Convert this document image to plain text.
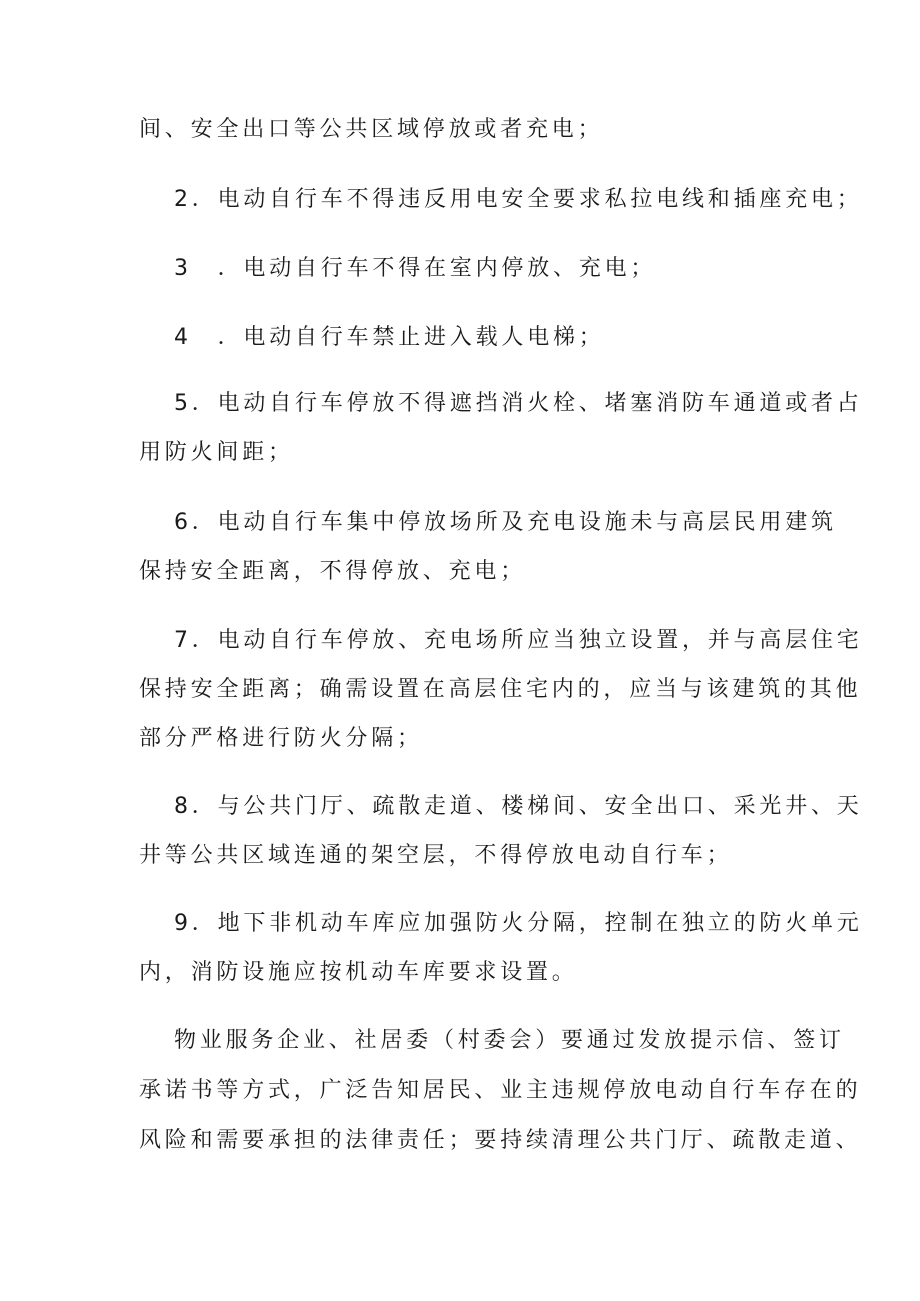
间、安全出口等公共区域停放或者充电；
2．电动自行车不得违反用电安全要求私拉电线和插座充电；
3　．电动自行车不得在室内停放、充电；
4　．电动自行车禁止进入载人电梯；
5．电动自行车停放不得遮挡消火栓、堵塞消防车通道或者占
用防火间距；
6．电动自行车集中停放场所及充电设施未与高层民用建筑
保持安全距离，不得停放、充电；
7．电动自行车停放、充电场所应当独立设置，并与高层住宅
保持安全距离；确需设置在高层住宅内的，应当与该建筑的其他
部分严格进行防火分隔；
8．与公共门厅、疏散走道、楼梯间、安全出口、采光井、天
井等公共区域连通的架空层，不得停放电动自行车；
9．地下非机动车库应加强防火分隔，控制在独立的防火单元
内，消防设施应按机动车库要求设置。
物业服务企业、社居委（村委会）要通过发放提示信、签订
承诺书等方式，广泛告知居民、业主违规停放电动自行车存在的
风险和需要承担的法律责任；要持续清理公共门厅、疏散走道、
